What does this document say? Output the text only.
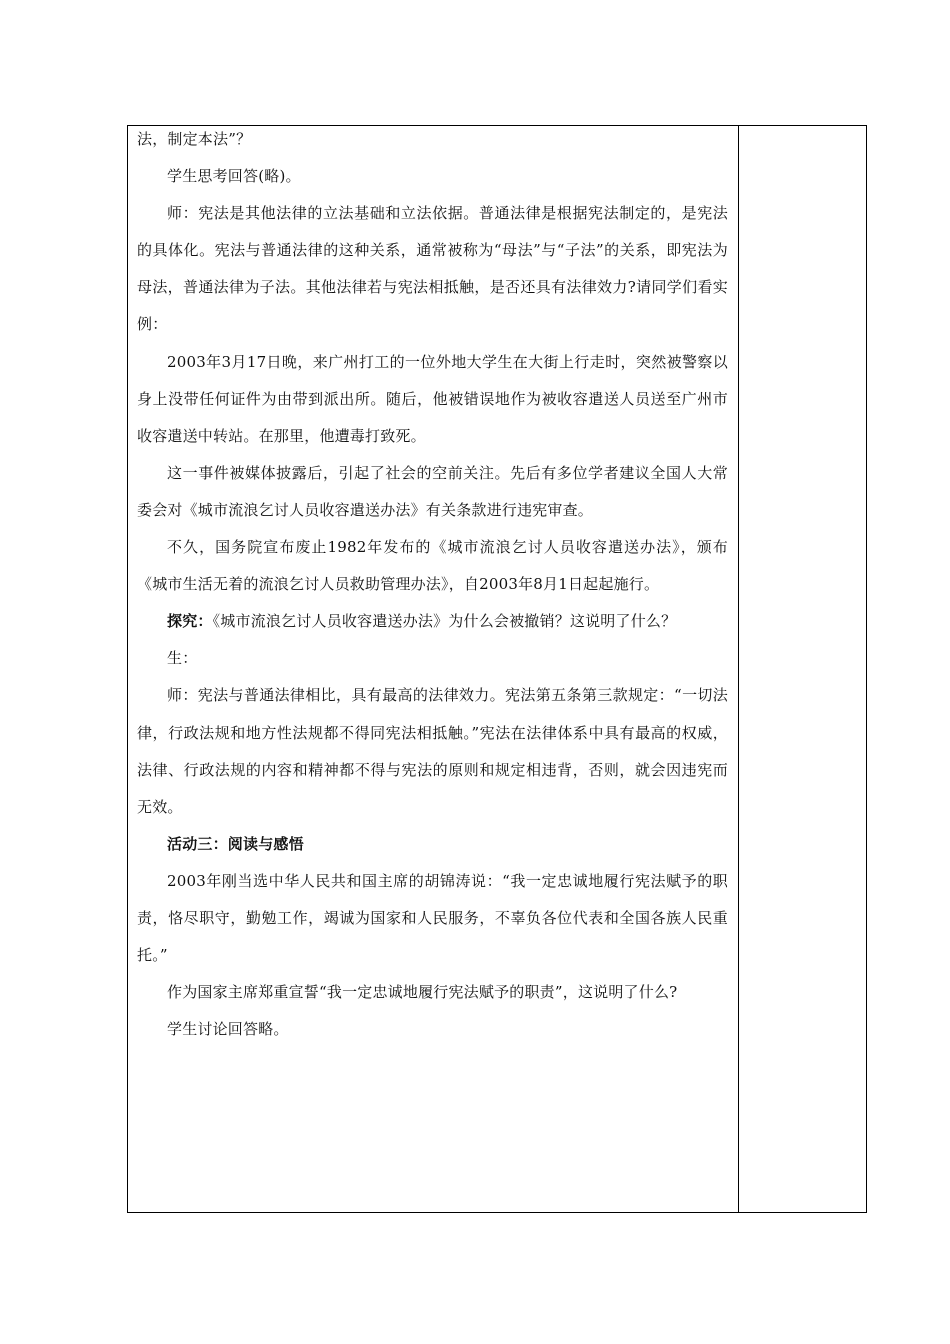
法，制定本法”？

学生思考回答(略)。

师：宪法是其他法律的立法基础和立法依据。普通法律是根据宪法制定的，是宪法的具体化。宪法与普通法律的这种关系，通常被称为“母法”与“子法”的关系，即宪法为母法，普通法律为子法。其他法律若与宪法相抵触，是否还具有法律效力?请同学们看实例：

2003年3月17日晚，来广州打工的一位外地大学生在大街上行走时，突然被警察以身上没带任何证件为由带到派出所。随后，他被错误地作为被收容遣送人员送至广州市收容遣送中转站。在那里，他遭毒打致死。

这一事件被媒体披露后，引起了社会的空前关注。先后有多位学者建议全国人大常委会对《城市流浪乞讨人员收容遣送办法》有关条款进行违宪审查。

不久，国务院宣布废止1982年发布的《城市流浪乞讨人员收容遣送办法》，颁布《城市生活无着的流浪乞讨人员救助管理办法》，自2003年8月1日起起施行。

探究：《城市流浪乞讨人员收容遣送办法》为什么会被撤销？这说明了什么？

生：

师：宪法与普通法律相比，具有最高的法律效力。宪法第五条第三款规定：“一切法律，行政法规和地方性法规都不得同宪法相抵触。”宪法在法律体系中具有最高的权威，法律、行政法规的内容和精神都不得与宪法的原则和规定相违背，否则，就会因违宪而无效。

活动三：阅读与感悟

2003年刚当选中华人民共和国主席的胡锦涛说：“我一定忠诚地履行宪法赋予的职责，恪尽职守，勤勉工作，竭诚为国家和人民服务，不辜负各位代表和全国各族人民重托。”

作为国家主席郑重宣誓“我一定忠诚地履行宪法赋予的职责”，这说明了什么?

学生讨论回答略。
